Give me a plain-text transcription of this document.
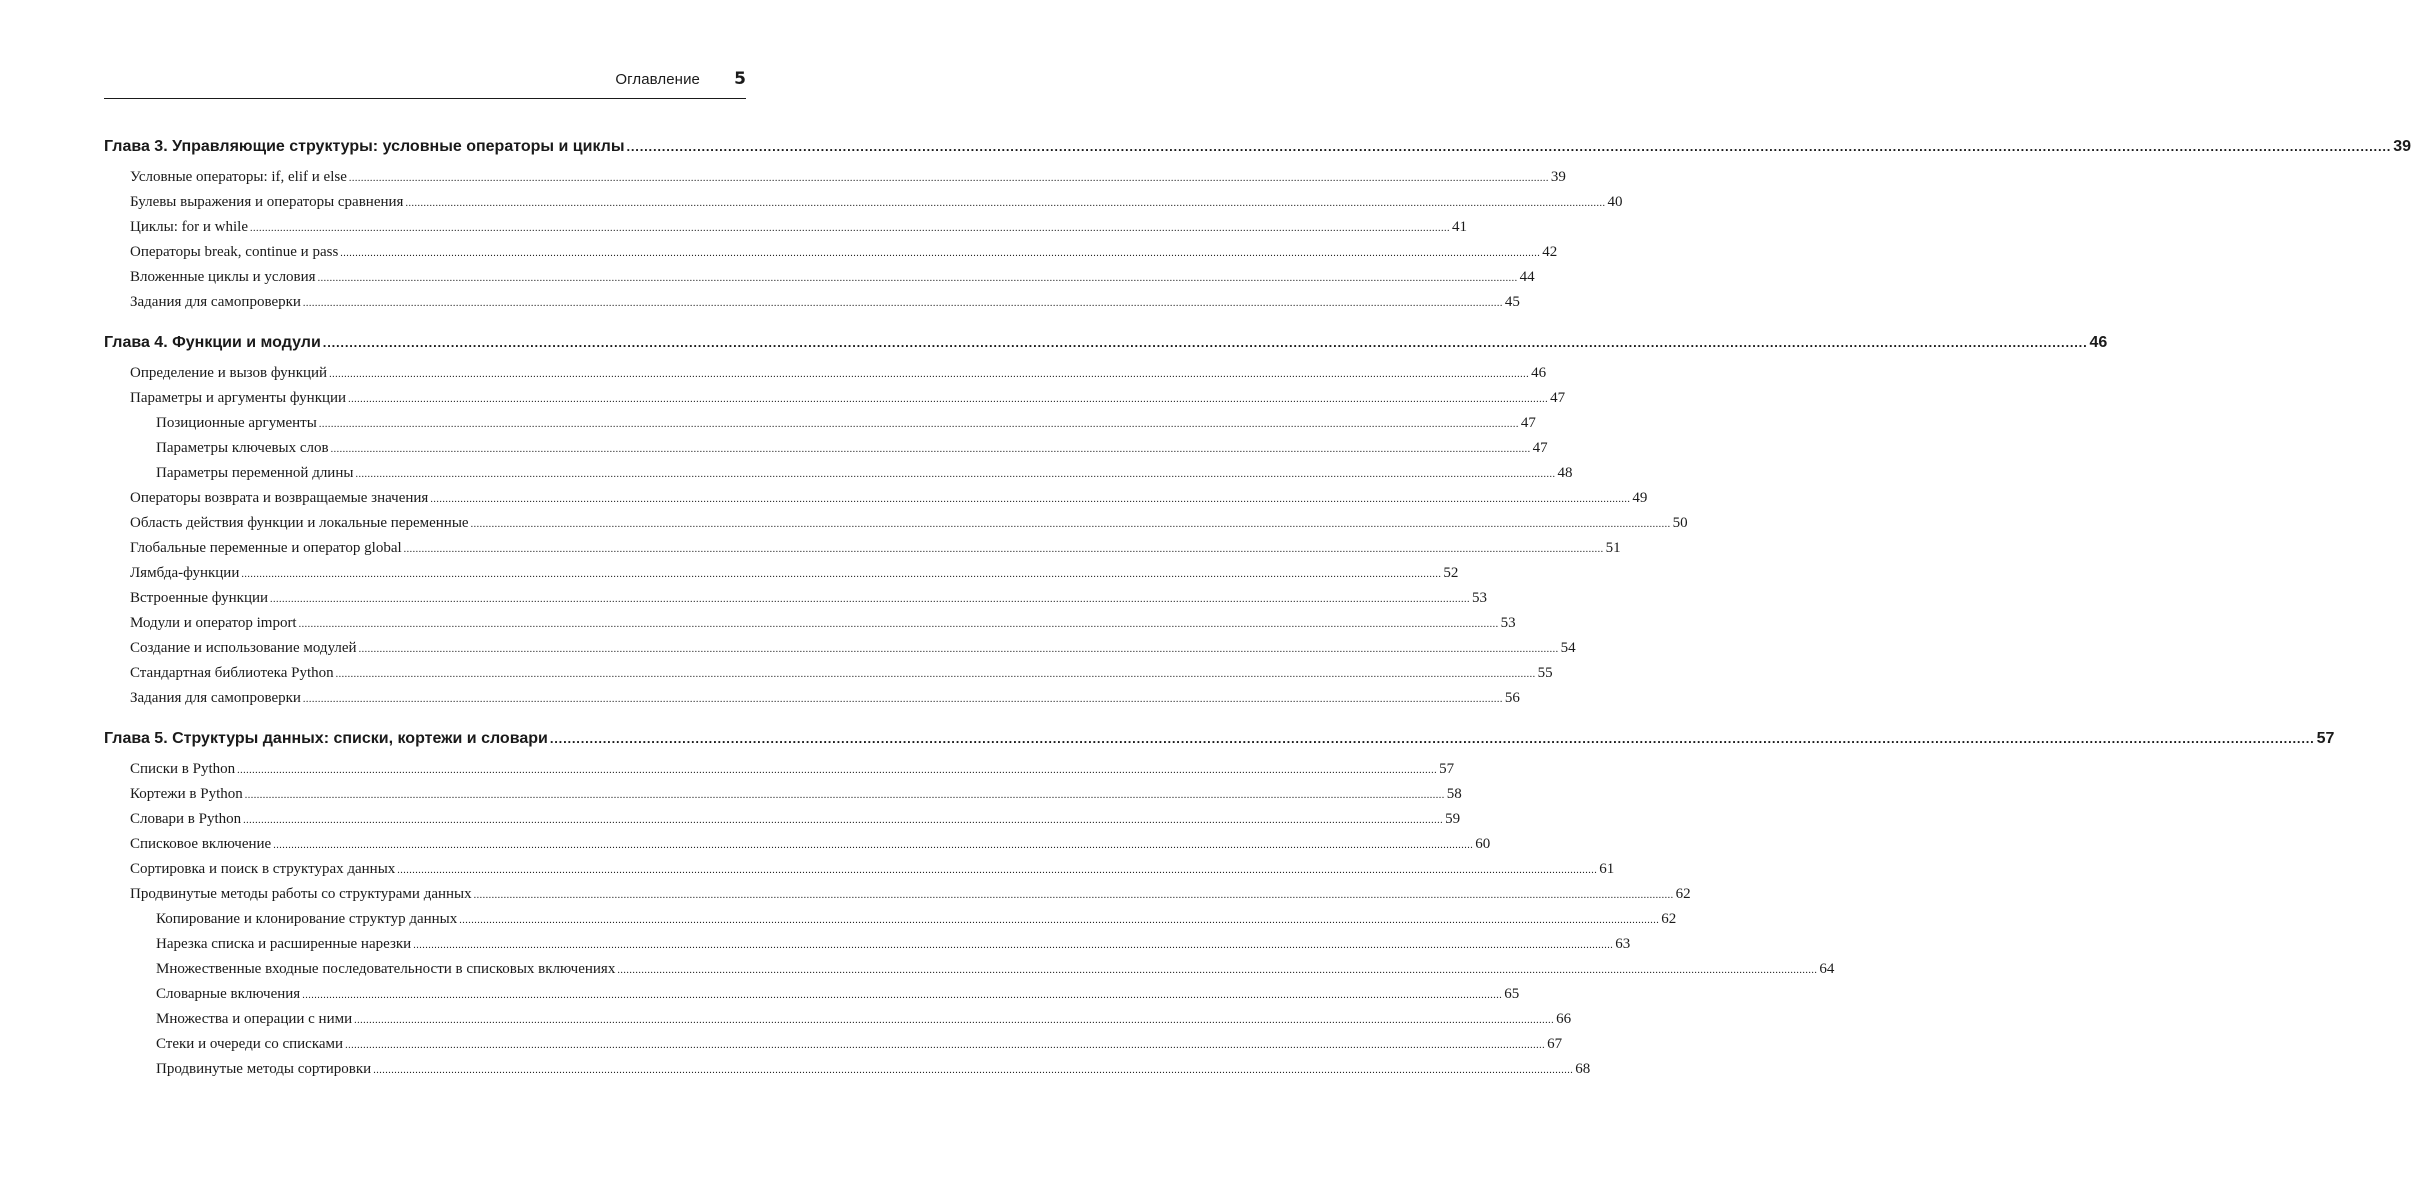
Оглавление 5
Глава 3. Управляющие структуры: условные операторы и циклы ................................................................................................................................................................................................................................................................................................................................................................................................................ 39
Условные операторы: if, elif и else ................................................................................................................................................................................................................................................................................................................................................................................................................ 39
Булевы выражения и операторы сравнения ................................................................................................................................................................................................................................................................................................................................................................................................................ 40
Циклы: for и while ................................................................................................................................................................................................................................................................................................................................................................................................................ 41
Операторы break, continue и pass ................................................................................................................................................................................................................................................................................................................................................................................................................ 42
Вложенные циклы и условия ................................................................................................................................................................................................................................................................................................................................................................................................................ 44
Задания для самопроверки ................................................................................................................................................................................................................................................................................................................................................................................................................ 45
Глава 4. Функции и модули ................................................................................................................................................................................................................................................................................................................................................................................................................ 46
Определение и вызов функций ................................................................................................................................................................................................................................................................................................................................................................................................................ 46
Параметры и аргументы функции ................................................................................................................................................................................................................................................................................................................................................................................................................ 47
Позиционные аргументы ................................................................................................................................................................................................................................................................................................................................................................................................................ 47
Параметры ключевых слов ................................................................................................................................................................................................................................................................................................................................................................................................................ 47
Параметры переменной длины ................................................................................................................................................................................................................................................................................................................................................................................................................ 48
Операторы возврата и возвращаемые значения ................................................................................................................................................................................................................................................................................................................................................................................................................ 49
Область действия функции и локальные переменные ................................................................................................................................................................................................................................................................................................................................................................................................................ 50
Глобальные переменные и оператор global ................................................................................................................................................................................................................................................................................................................................................................................................................ 51
Лямбда-функции ................................................................................................................................................................................................................................................................................................................................................................................................................ 52
Встроенные функции ................................................................................................................................................................................................................................................................................................................................................................................................................ 53
Модули и оператор import ................................................................................................................................................................................................................................................................................................................................................................................................................ 53
Создание и использование модулей ................................................................................................................................................................................................................................................................................................................................................................................................................ 54
Стандартная библиотека Python ................................................................................................................................................................................................................................................................................................................................................................................................................ 55
Задания для самопроверки ................................................................................................................................................................................................................................................................................................................................................................................................................ 56
Глава 5. Структуры данных: списки, кортежи и словари ................................................................................................................................................................................................................................................................................................................................................................................................................ 57
Списки в Python ................................................................................................................................................................................................................................................................................................................................................................................................................ 57
Кортежи в Python ................................................................................................................................................................................................................................................................................................................................................................................................................ 58
Словари в Python ................................................................................................................................................................................................................................................................................................................................................................................................................ 59
Списковое включение ................................................................................................................................................................................................................................................................................................................................................................................................................ 60
Сортировка и поиск в структурах данных ................................................................................................................................................................................................................................................................................................................................................................................................................ 61
Продвинутые методы работы со структурами данных ................................................................................................................................................................................................................................................................................................................................................................................................................ 62
Копирование и клонирование структур данных ................................................................................................................................................................................................................................................................................................................................................................................................................ 62
Нарезка списка и расширенные нарезки ................................................................................................................................................................................................................................................................................................................................................................................................................ 63
Множественные входные последовательности в списковых включениях ................................................................................................................................................................................................................................................................................................................................................................................................................ 64
Словарные включения ................................................................................................................................................................................................................................................................................................................................................................................................................ 65
Множества и операции с ними ................................................................................................................................................................................................................................................................................................................................................................................................................ 66
Стеки и очереди со списками ................................................................................................................................................................................................................................................................................................................................................................................................................ 67
Продвинутые методы сортировки ................................................................................................................................................................................................................................................................................................................................................................................................................ 68
